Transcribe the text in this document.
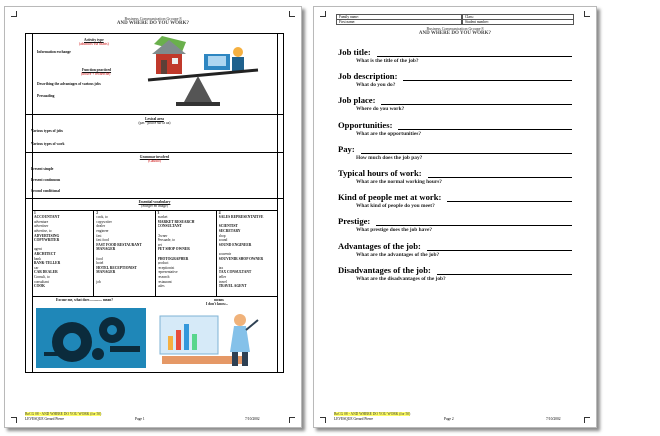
Business Communication Groupe 8
AND WHERE DO YOU WORK?
Activity type
(abstracts via charts)
Information exchange
Function practiced
(trouve + recherché)
Describing the advantages of various jobs
Persuading
Lexical area
(pas - police sur la ua)
Various types of jobs
Various types of work
Grammar involved
(Gaudio)
Present simple
Present continuous
Second conditional
Essential vocabulary
(Sfinger en image)
1
ACCOUNTANT
adventure
advertiser
advertise, to
ADVERTISING
COPYWRITER
agent
ARCHITECT
bank
BANK-TELLER
car
CAR DEALER
Consult, to
consultant
COOK
2
cook, to
copywriter
dealer
engineer
fast
fast food
FAST FOOD RESTAURANT
MANAGER
food
hotel
HOTEL RECEPTIONIST
MANAGER
job
3
market
MARKET RESEARCH
CONSULTANT
Owner
Persuade, to
pet
PET SHOP OWNER
PHOTOGRAPHER
product
receptionist
representative
research
restaurant
sales
4
SALES REPRESENTATIVE
SCIENTIST
SECRETARY
shop
sound
SOUND ENGINEER
souvenir
SOUVENIR SHOP OWNER
tax
TAX CONSULTANT
teller
travel
TRAVEL AGENT
Excuse me, what does ............. mean?	means
I don't know...
BoCG 08 - AND WHERE DO YOU WORK (for 50)
LEVESQUE Gerard Pierre	Page 1	7/10/2002
Family name:
First name:
Class:
Student number:
Business Communication Groupe 8
AND WHERE DO YOU WORK?
Job title:
What is the title of the job?
Job description:
What do you do?
Job place:
Where do you work?
Opportunities:
What are the opportunities?
Pay:
How much does the job pay?
Typical hours of work:
What are the normal working hours?
Kind of people met at work:
What kind of people do you meet?
Prestige:
What prestige does the job have?
Advantages of the job:
What are the advantages of the job?
Disadvantages of the job:
What are the disadvantages of the job?
BoCG 08 - AND WHERE DO YOU WORK (for 50)
LEVESQUE Gerard Pierre	Page 2	7/10/2002
